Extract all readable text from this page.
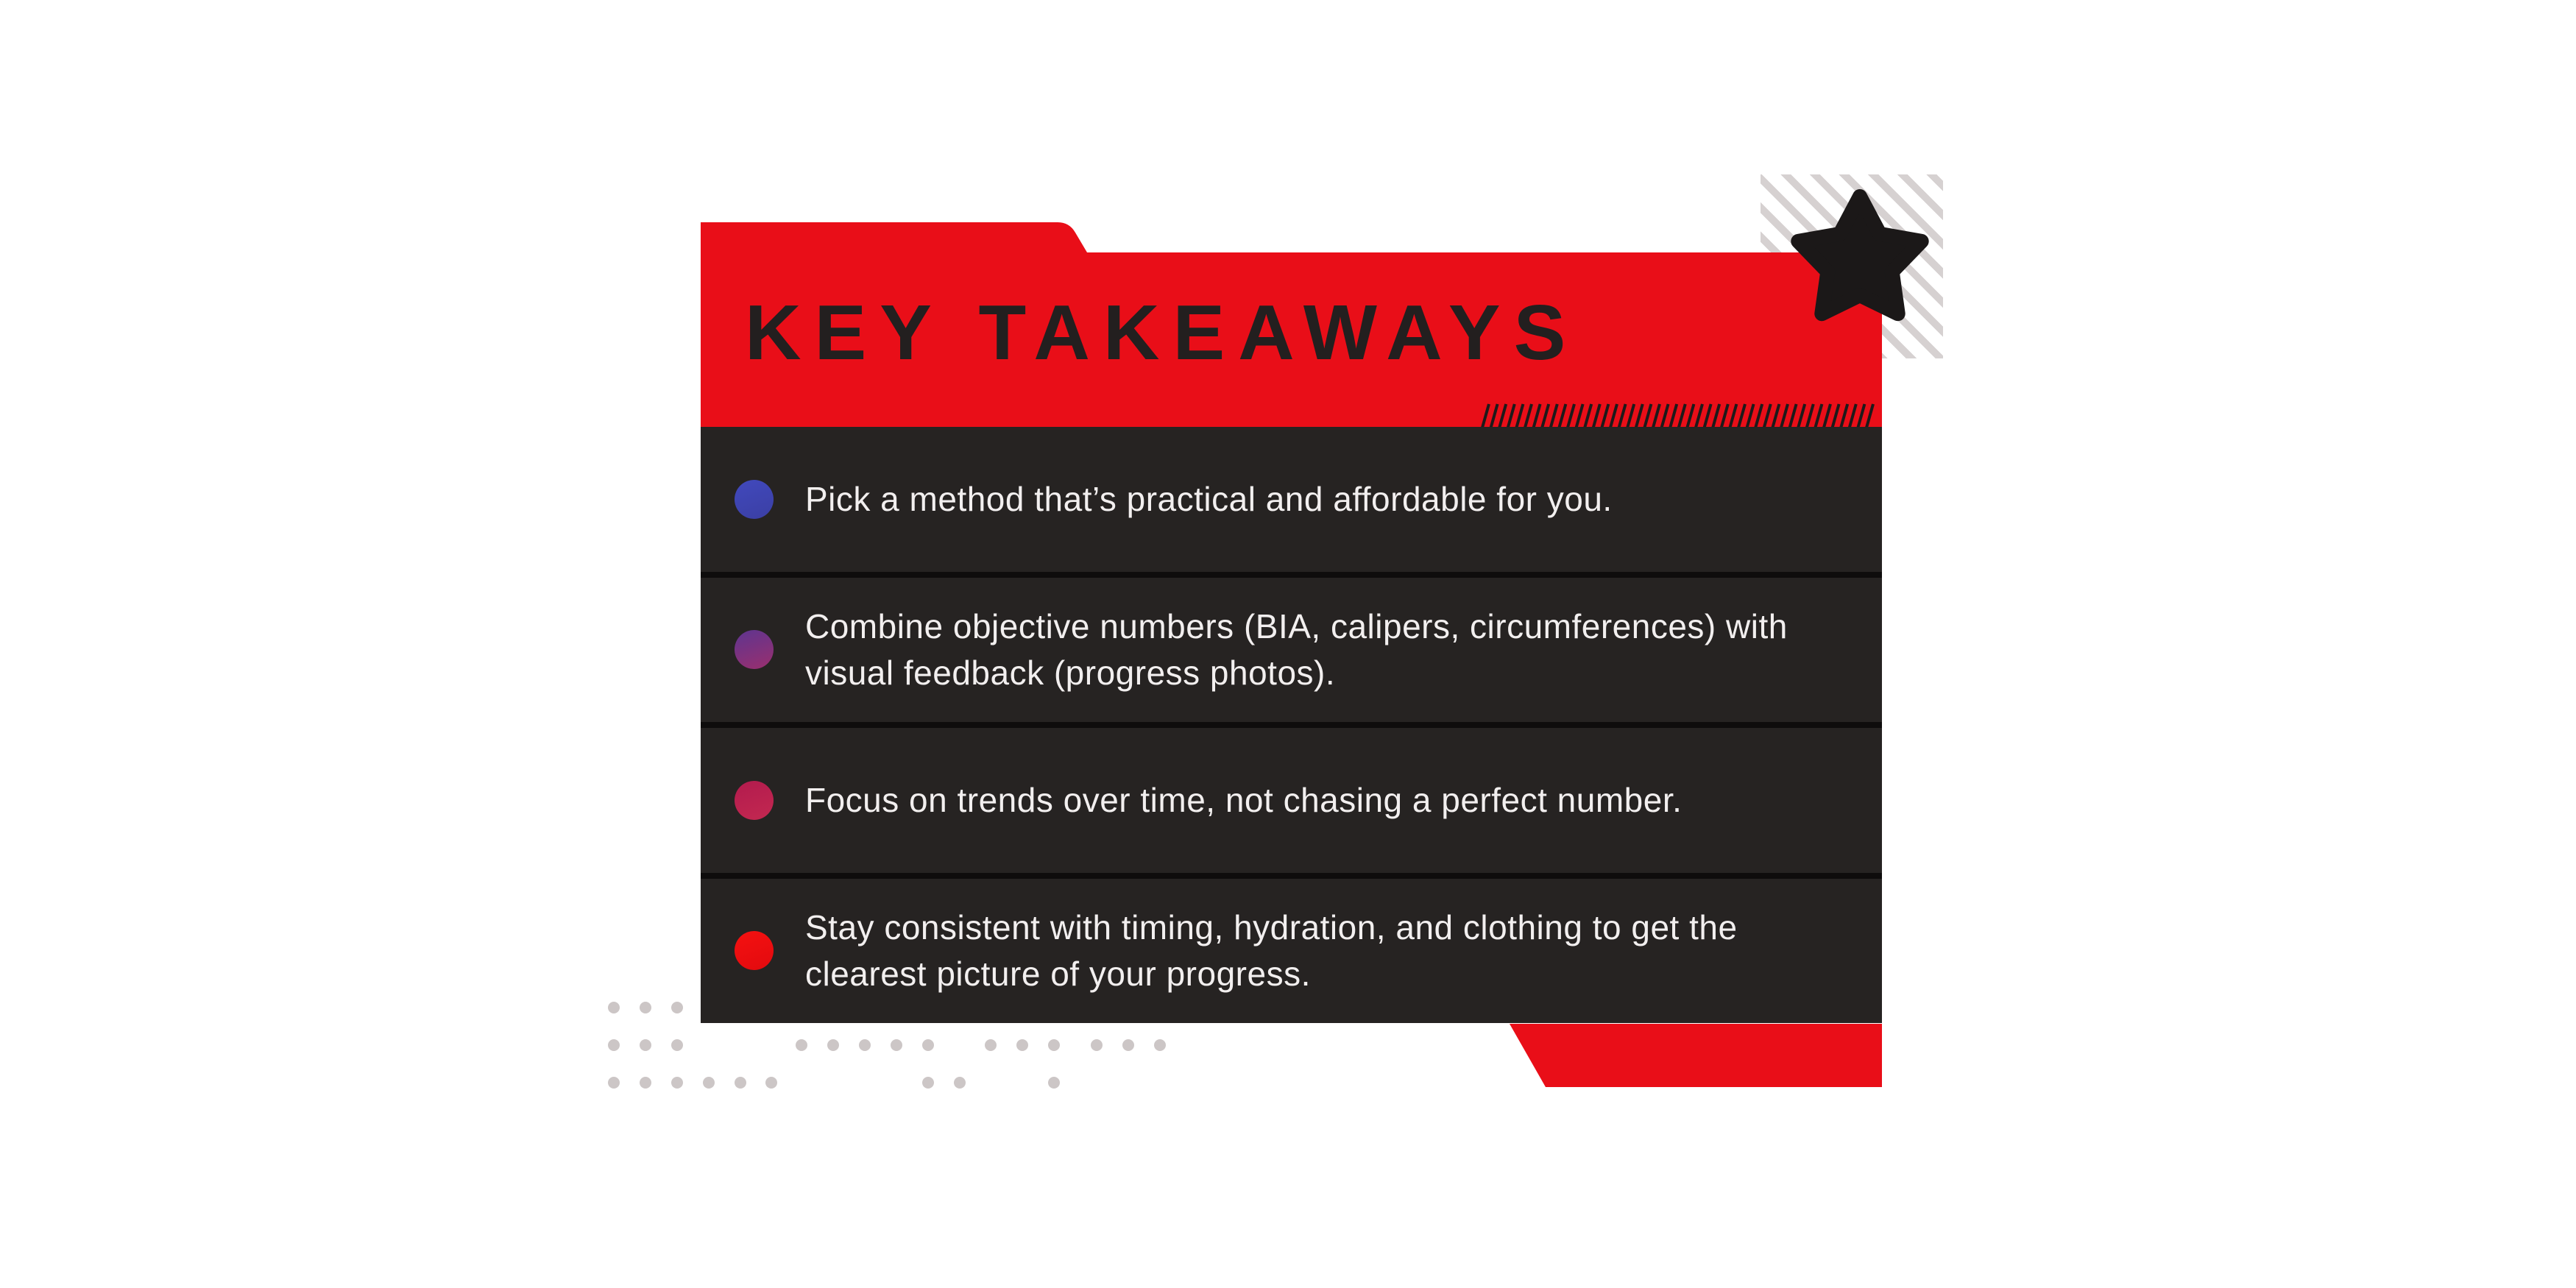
KEY TAKEAWAYS
Pick a method that’s practical and affordable for you.
Combine objective numbers (BIA, calipers, circumferences) with visual feedback (progress photos).
Focus on trends over time, not chasing a perfect number.
Stay consistent with timing, hydration, and clothing to get the clearest picture of your progress.
